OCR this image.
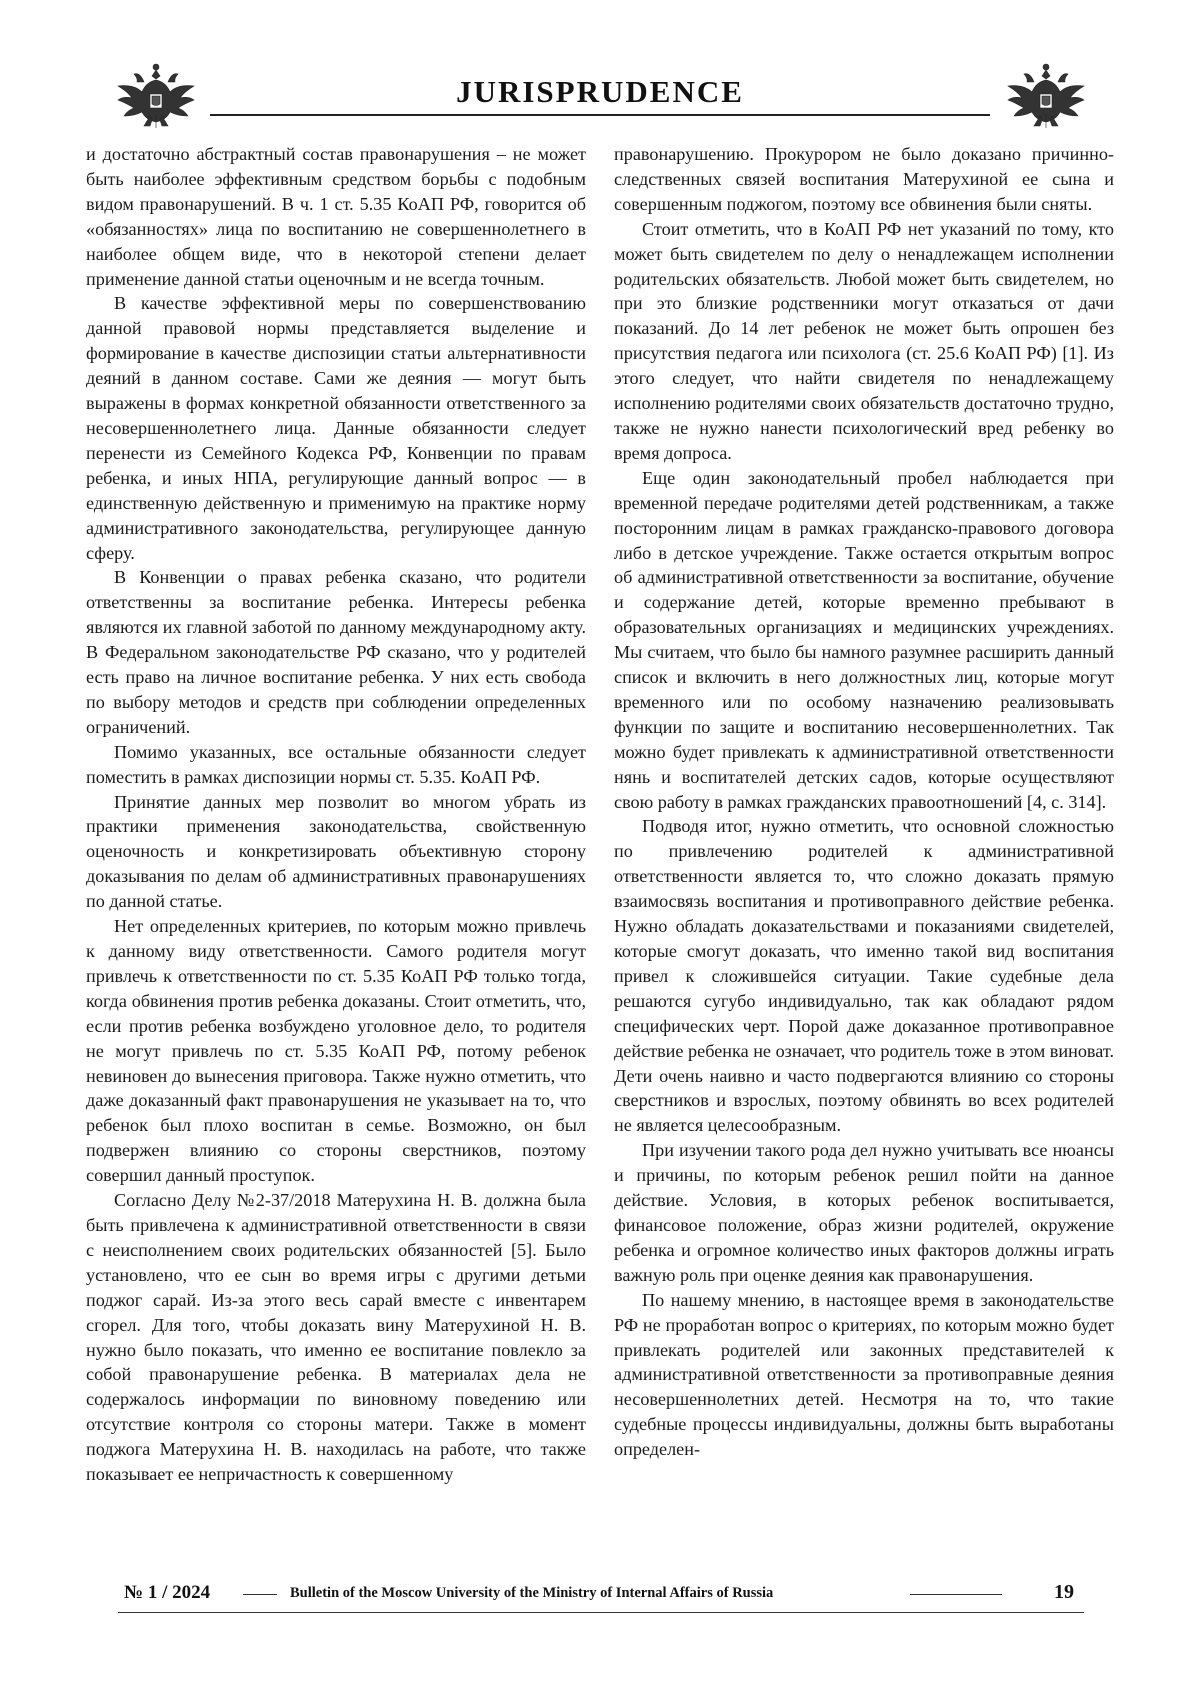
JURISPRUDENCE

и достаточно абстрактный состав правонарушения – не может быть наиболее эффективным средством борьбы с подобным видом правонарушений. В ч. 1 ст. 5.35 КоАП РФ, говорится об «обязанностях» лица по воспитанию не совершеннолетнего в наиболее общем виде, что в некоторой степени делает применение данной статьи оценочным и не всегда точным.

В качестве эффективной меры по совершенствованию данной правовой нормы представляется выделение и формирование в качестве диспозиции статьи альтернативности деяний в данном составе. Сами же деяния — могут быть выражены в формах конкретной обязанности ответственного за несовершеннолетнего лица. Данные обязанности следует перенести из Семейного Кодекса РФ, Конвенции по правам ребенка, и иных НПА, регулирующие данный вопрос — в единственную действенную и применимую на практике норму административного законодательства, регулирующее данную сферу.

В Конвенции о правах ребенка сказано, что родители ответственны за воспитание ребенка. Интересы ребенка являются их главной заботой по данному международному акту. В Федеральном законодательстве РФ сказано, что у родителей есть право на личное воспитание ребенка. У них есть свобода по выбору методов и средств при соблюдении определенных ограничений.

Помимо указанных, все остальные обязанности следует поместить в рамках диспозиции нормы ст. 5.35. КоАП РФ.

Принятие данных мер позволит во многом убрать из практики применения законодательства, свойственную оценочность и конкретизировать объективную сторону доказывания по делам об административных правонарушениях по данной статье.

Нет определенных критериев, по которым можно привлечь к данному виду ответственности. Самого родителя могут привлечь к ответственности по ст. 5.35 КоАП РФ только тогда, когда обвинения против ребенка доказаны. Стоит отметить, что, если против ребенка возбуждено уголовное дело, то родителя не могут привлечь по ст. 5.35 КоАП РФ, потому ребенок невиновен до вынесения приговора. Также нужно отметить, что даже доказанный факт правонарушения не указывает на то, что ребенок был плохо воспитан в семье. Возможно, он был подвержен влиянию со стороны сверстников, поэтому совершил данный проступок.

Согласно Делу №2-37/2018 Матерухина Н. В. должна была быть привлечена к административной ответственности в связи с неисполнением своих родительских обязанностей [5]. Было установлено, что ее сын во время игры с другими детьми поджог сарай. Из-за этого весь сарай вместе с инвентарем сгорел. Для того, чтобы доказать вину Матерухиной Н. В. нужно было показать, что именно ее воспитание повлекло за собой правонарушение ребенка. В материалах дела не содержалось информации по виновному поведению или отсутствие контроля со стороны матери. Также в момент поджога Матерухина Н. В. находилась на работе, что также показывает ее непричастность к совершенному

правонарушению. Прокурором не было доказано причинно-следственных связей воспитания Матерухиной ее сына и совершенным поджогом, поэтому все обвинения были сняты.

Стоит отметить, что в КоАП РФ нет указаний по тому, кто может быть свидетелем по делу о ненадлежащем исполнении родительских обязательств. Любой может быть свидетелем, но при это близкие родственники могут отказаться от дачи показаний. До 14 лет ребенок не может быть опрошен без присутствия педагога или психолога (ст. 25.6 КоАП РФ) [1]. Из этого следует, что найти свидетеля по ненадлежащему исполнению родителями своих обязательств достаточно трудно, также не нужно нанести психологический вред ребенку во время допроса.

Еще один законодательный пробел наблюдается при временной передаче родителями детей родственникам, а также посторонним лицам в рамках гражданско-правового договора либо в детское учреждение. Также остается открытым вопрос об административной ответственности за воспитание, обучение и содержание детей, которые временно пребывают в образовательных организациях и медицинских учреждениях. Мы считаем, что было бы намного разумнее расширить данный список и включить в него должностных лиц, которые могут временного или по особому назначению реализовывать функции по защите и воспитанию несовершеннолетних. Так можно будет привлекать к административной ответственности нянь и воспитателей детских садов, которые осуществляют свою работу в рамках гражданских правоотношений [4, с. 314].

Подводя итог, нужно отметить, что основной сложностью по привлечению родителей к административной ответственности является то, что сложно доказать прямую взаимосвязь воспитания и противоправного действие ребенка. Нужно обладать доказательствами и показаниями свидетелей, которые смогут доказать, что именно такой вид воспитания привел к сложившейся ситуации. Такие судебные дела решаются сугубо индивидуально, так как обладают рядом специфических черт. Порой даже доказанное противоправное действие ребенка не означает, что родитель тоже в этом виноват. Дети очень наивно и часто подвергаются влиянию со стороны сверстников и взрослых, поэтому обвинять во всех родителей не является целесообразным.

При изучении такого рода дел нужно учитывать все нюансы и причины, по которым ребенок решил пойти на данное действие. Условия, в которых ребенок воспитывается, финансовое положение, образ жизни родителей, окружение ребенка и огромное количество иных факторов должны играть важную роль при оценке деяния как правонарушения.

По нашему мнению, в настоящее время в законодательстве РФ не проработан вопрос о критериях, по которым можно будет привлекать родителей или законных представителей к административной ответственности за противоправные деяния несовершеннолетних детей. Несмотря на то, что такие судебные процессы индивидуальны, должны быть выработаны определен-

№ 1 / 2024	Bulletin of the Moscow University of the Ministry of Internal Affairs of Russia	19
